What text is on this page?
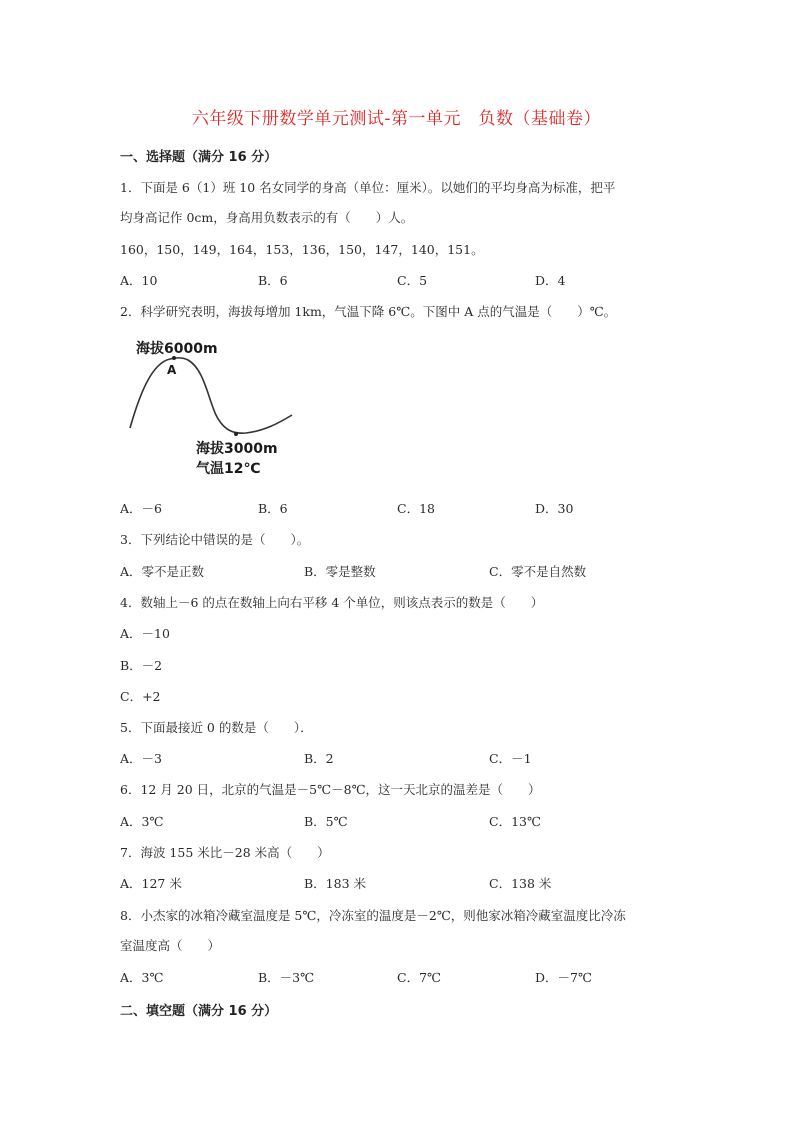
六年级下册数学单元测试-第一单元　负数（基础卷）
一、选择题（满分 16 分）
1．下面是 6（1）班 10 名女同学的身高（单位：厘米）。以她们的平均身高为标准，把平
均身高记作 0cm，身高用负数表示的有（　　）人。
160，150，149，164，153，136，150，147，140，151。
A．10	B．6	C．5	D．4
2．科学研究表明，海拔每增加 1km，气温下降 6℃。下图中 A 点的气温是（　　）℃。
海拔6000m
A
海拔3000m
气温12℃
A．－6	B．6	C．18	D．30
3．下列结论中错误的是（　　）。
A．零不是正数	B．零是整数	C．零不是自然数
4．数轴上－6 的点在数轴上向右平移 4 个单位，则该点表示的数是（　　）
A．－10
B．－2
C．+2
5．下面最接近 0 的数是（　　）．
A．－3	B．2	C．－1
6．12 月 20 日，北京的气温是－5℃－8℃，这一天北京的温差是（　　）
A．3℃	B．5℃	C．13℃
7．海波 155 米比－28 米高（　　）
A．127 米	B．183 米	C．138 米
8．小杰家的冰箱冷藏室温度是 5℃，冷冻室的温度是－2℃，则他家冰箱冷藏室温度比冷冻
室温度高（　　）
A．3℃	B．－3℃	C．7℃	D．－7℃
二、填空题（满分 16 分）
